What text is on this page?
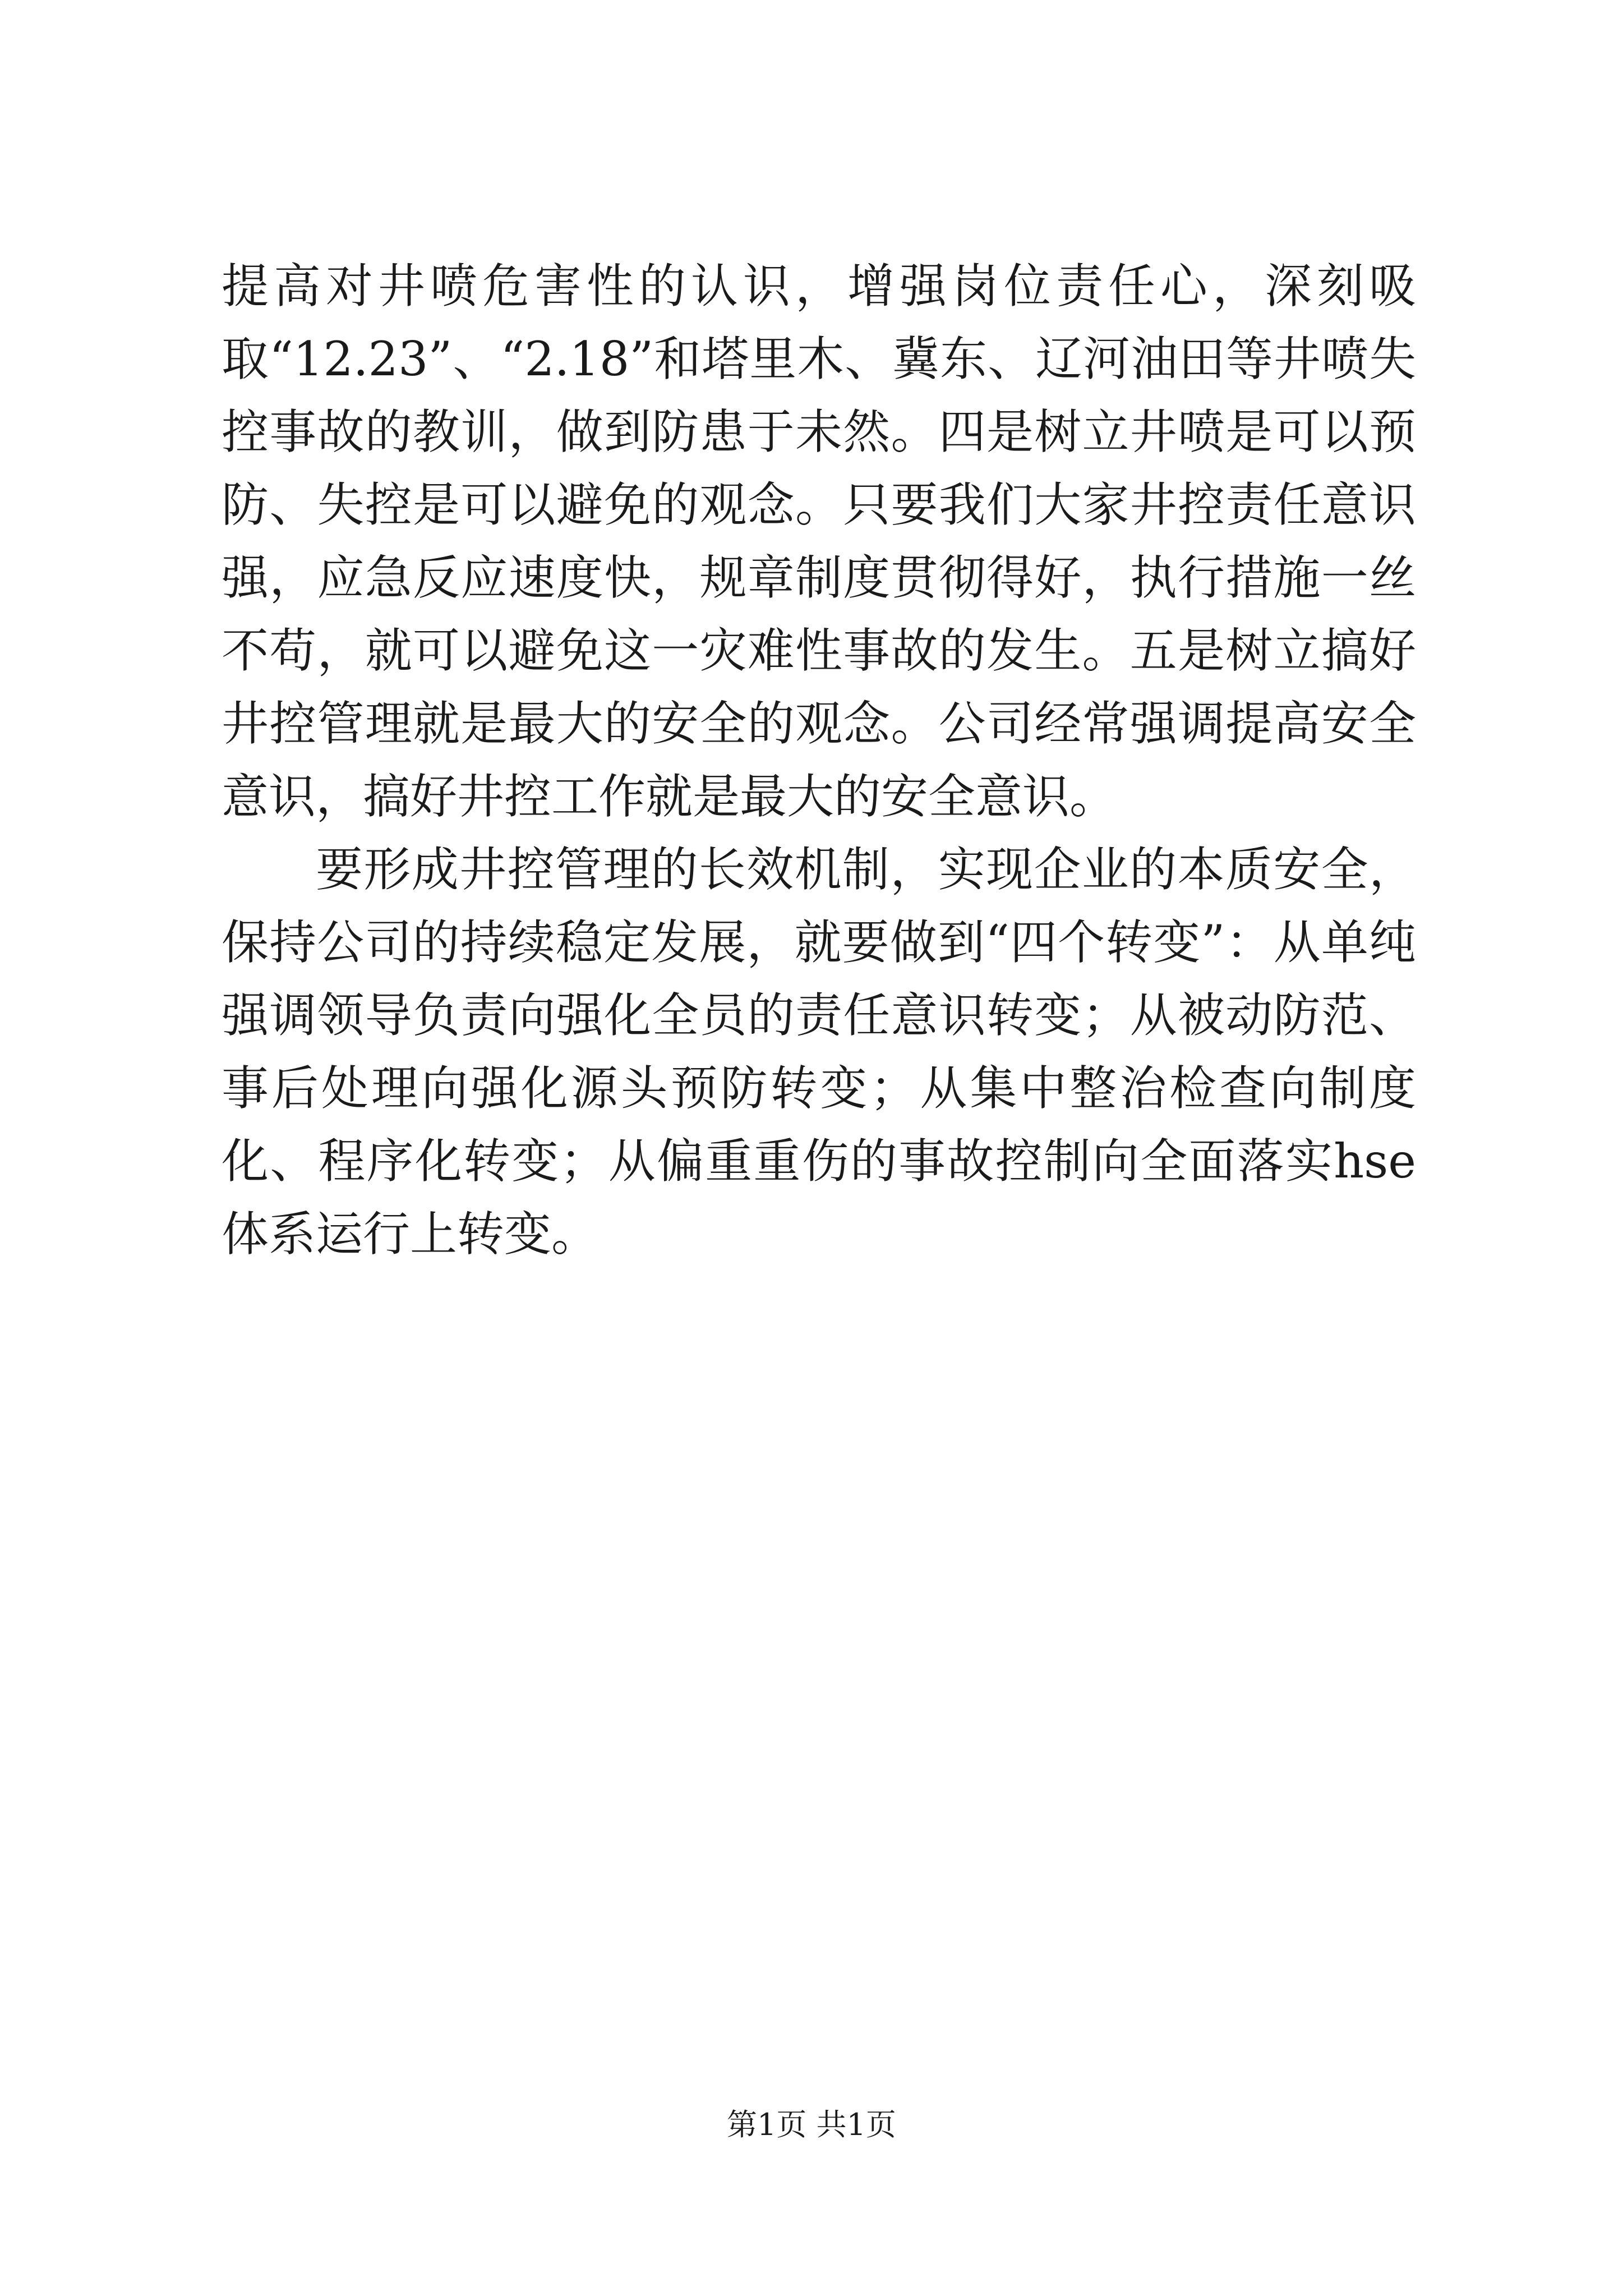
提高对井喷危害性的认识，增强岗位责任心，深刻吸取“12.23”、“2.18”和塔里木、冀东、辽河油田等井喷失控事故的教训，做到防患于未然。四是树立井喷是可以预防、失控是可以避免的观念。只要我们大家井控责任意识强，应急反应速度快，规章制度贯彻得好，执行措施一丝不苟，就可以避免这一灾难性事故的发生。五是树立搞好井控管理就是最大的安全的观念。公司经常强调提高安全意识，搞好井控工作就是最大的安全意识。

要形成井控管理的长效机制，实现企业的本质安全，保持公司的持续稳定发展，就要做到“四个转变”：从单纯强调领导负责向强化全员的责任意识转变；从被动防范、事后处理向强化源头预防转变；从集中整治检查向制度化、程序化转变；从偏重重伤的事故控制向全面落实hse体系运行上转变。

第1页 共1页
